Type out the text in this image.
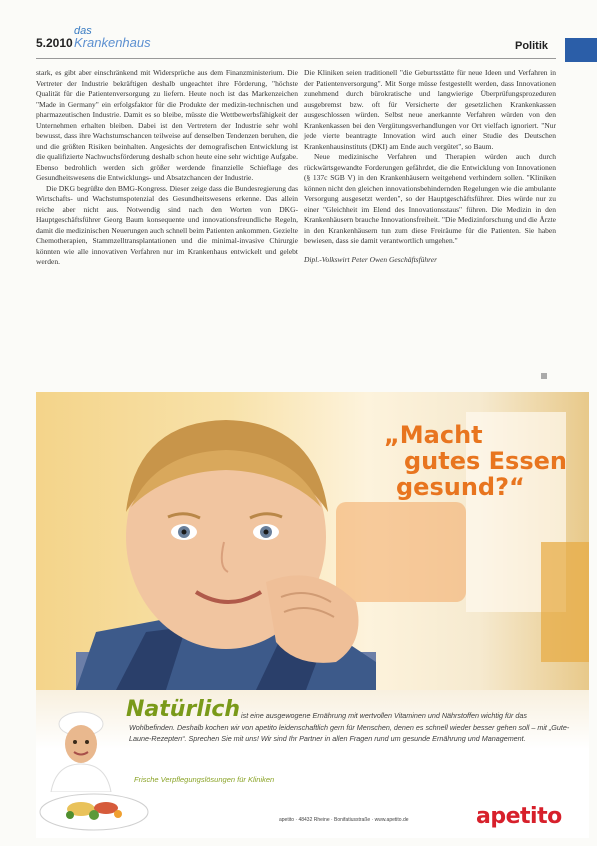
5.2010
das
Krankenhaus	Politik

stark, es gibt aber einschränkend mit Widersprüche aus dem Finanzministerium. Die Vertreter der Industrie bekräftigen deshalb ungeachtet ihre Förderung, "höchste Qualität für die Patientenversorgung zu liefern. Heute noch ist das Markenzeichen "Made in Germany" ein erfolgsfaktor für die Produkte der medizin-technischen und pharmazeutischen Industrie. Damit es so bleibe, müsste die Wettbewerbsfähigkeit der Unternehmen erhalten bleiben. Dabei ist den Vertretern der Industrie sehr wohl bewusst, dass ihre Wachstumschancen teilweise auf denselben Tendenzen beruhen, die und die größten Risiken beinhalten. Angesichts der demografischen Entwicklung ist die qualifizierte Nachwuchsförderung deshalb schon heute eine sehr wichtige Aufgabe. Ebenso bedrohlich werden sich größer werdende finanzielle Schieflage des Gesundheitswesens die Entwicklungs- und Absatzchancen der Industrie.

Die DKG begrüßte den BMG-Kongress. Dieser zeige dass die Bundesregierung das Wirtschafts- und Wachstumspotenzial des Gesundheitswesens erkenne. Das allein reiche aber nicht aus. Notwendig sind nach den Worten von DKG-Hauptgeschäftsführer Georg Baum konsequente und innovationsfreundliche Regeln, damit die medizinischen Neuerungen auch schnell beim Patienten ankommen. Gezielte Chemotherapien, Stammzelltransplantationen und die minimal-invasive Chirurgie könnten wie alle innovativen Verfahren nur im Krankenhaus entwickelt und gelebt werden.

Die Kliniken seien traditionell "die Geburtsstätte für neue Ideen und Verfahren in der Patientenversorgung". Mit Sorge müsse festgestellt werden, dass Innovationen zunehmend durch bürokratische und langwierige Überprüfungsprozeduren ausgebremst bzw. oft für Versicherte der gesetzlichen Krankenkassen ausgeschlossen würden. Selbst neue anerkannte Verfahren würden von den Krankenkassen bei den Vergütungsverhandlungen vor Ort vielfach ignoriert. "Nur jede vierte beantragte Innovation wird auch einer Studie des Deutschen Krankenhausinstituts (DKI) am Ende auch vergütet", so Baum.

Neue medizinische Verfahren und Therapien würden auch durch rückwärtsgewandte Forderungen gefährdet, die die Entwicklung von Innovationen (§ 137c SGB V) in den Krankenhäusern weitgehend verhindern sollen. "Kliniken können nicht den gleichen innovationsbehindernden Regelungen wie die ambulante Versorgung ausgesetzt werden", so der Hauptgeschäftsführer. Dies würde nur zu einer "Gleichheit im Elend des Innovationsstaus" führen. Die Medizin in den Krankenhäusern brauche Innovationsfreiheit. "Die Medizinforschung und die Ärzte in den Krankenhäusern tun zum diese Freiräume für die Patienten. Sie haben bewiesen, dass sie damit verantwortlich umgehen."

Dipl.-Volkswirt Peter Owen Geschäftsführer

„Macht
gutes Essen
gesund?“
Natürlich ist eine ausgewogene Ernährung mit wertvollen Vitaminen und Nährstoffen wichtig für das Wohlbefinden. Deshalb kochen wir von apetito leidenschaftlich gern für Menschen, denen es schnell wieder besser gehen soll – mit „Gute-Laune-Rezepten“. Sprechen Sie mit uns! Wir sind Ihr Partner in allen Fragen rund um gesunde Ernährung und Management.
Frische Verpflegungslösungen für Kliniken
apetito · 48432 Rheine · Bonifatiusstraße · www.apetito.de	apetito
